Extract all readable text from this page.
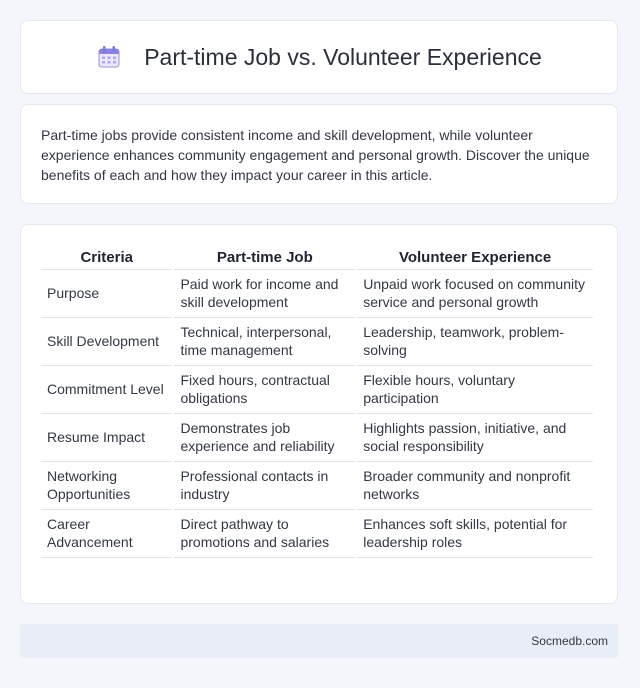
Part-time Job vs. Volunteer Experience

Part-time jobs provide consistent income and skill development, while volunteer experience enhances community engagement and personal growth. Discover the unique benefits of each and how they impact your career in this article.

Criteria	Part-time Job	Volunteer Experience
Purpose	Paid work for income and skill development	Unpaid work focused on community service and personal growth
Skill Development	Technical, interpersonal, time management	Leadership, teamwork, problem-solving
Commitment Level	Fixed hours, contractual obligations	Flexible hours, voluntary participation
Resume Impact	Demonstrates job experience and reliability	Highlights passion, initiative, and social responsibility
Networking Opportunities	Professional contacts in industry	Broader community and nonprofit networks
Career Advancement	Direct pathway to promotions and salaries	Enhances soft skills, potential for leadership roles
Socmedb.com
